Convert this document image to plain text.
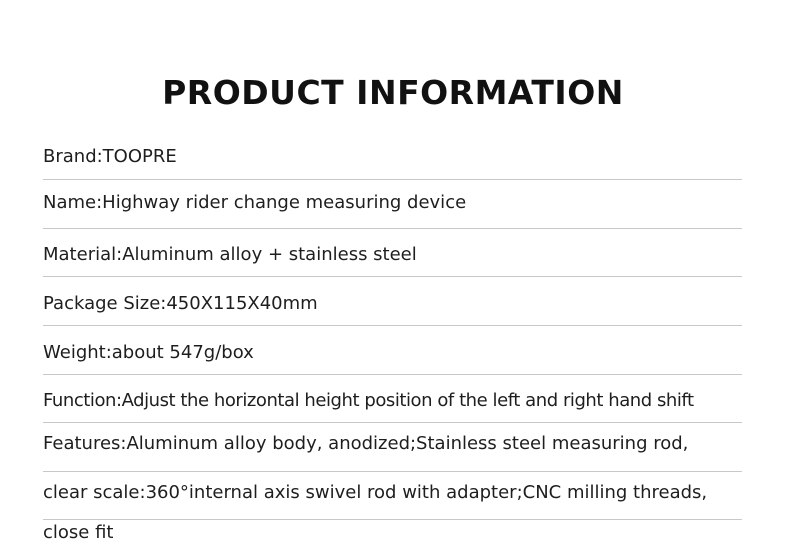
PRODUCT INFORMATION
Brand:TOOPRE
Name:Highway rider change measuring device
Material:Aluminum alloy + stainless steel
Package Size:450X115X40mm
Weight:about 547g/box
Function:Adjust the horizontal height position of the left and right hand shift
Features:Aluminum alloy body, anodized;Stainless steel measuring rod,
clear scale:360°internal axis swivel rod with adapter;CNC milling threads,
close fit
